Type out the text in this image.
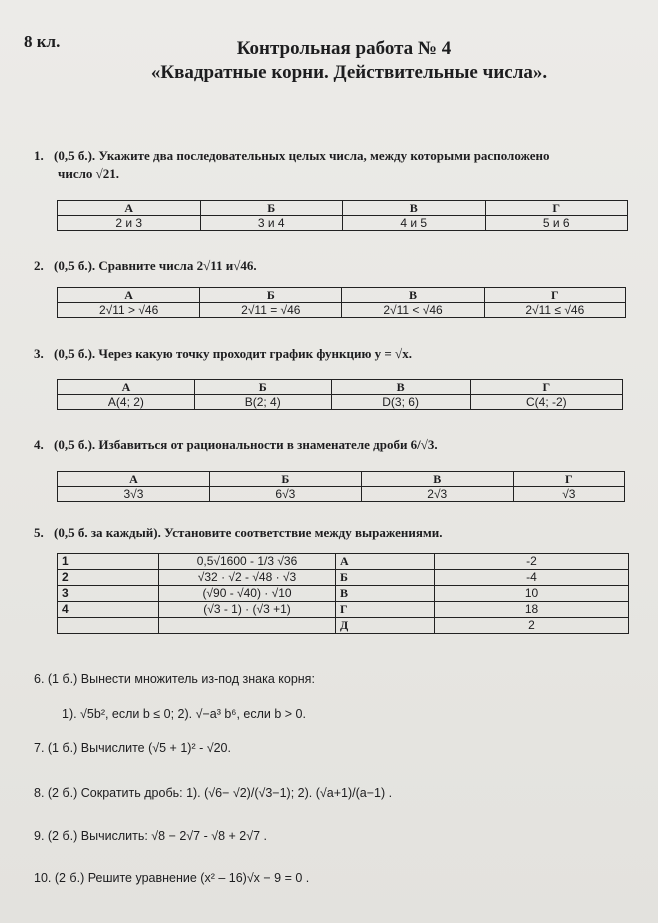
8 кл.	Контрольная работа № 4
«Квадратные корни. Действительные числа».
1. (0,5 б.). Укажите два последовательных целых числа, между которыми расположено
число √21.
А	Б	В	Г
2 и 3	3 и 4	4 и 5	5 и 6
2. (0,5 б.). Сравните числа 2√11 и√46.
А	Б	В	Г
2√11 > √46	2√11 = √46	2√11 < √46	2√11 ≤ √46
3. (0,5 б.). Через какую точку проходит график функцию y = √x.
А	Б	В	Г
A(4; 2)	B(2; 4)	D(3; 6)	C(4; -2)
4. (0,5 б.). Избавиться от рациональности в знаменателе дроби 6/√3.
А	Б	В	Г
3√3	6√3	2√3	√3
5. (0,5 б. за каждый). Установите соответствие между выражениями.
1	0,5√1600 - 1/3 √36	А	-2
2	√32 · √2 - √48 · √3	Б	-4
3	(√90 - √40) · √10	В	10
4	(√3 - 1) · (√3 +1)	Г	18
		Д	2
6. (1 б.) Вынести множитель из-под знака корня:
1). √5b², если b ≤ 0; 2). √−a³ b⁶, если b > 0.
7. (1 б.) Вычислите (√5 + 1)² - √20.
8. (2 б.) Сократить дробь: 1). (√6− √2)/(√3−1); 2). (√a+1)/(a−1) .
9. (2 б.) Вычислить: √8 − 2√7 - √8 + 2√7 .
10. (2 б.) Решите уравнение (x² – 16)√x − 9 = 0 .
